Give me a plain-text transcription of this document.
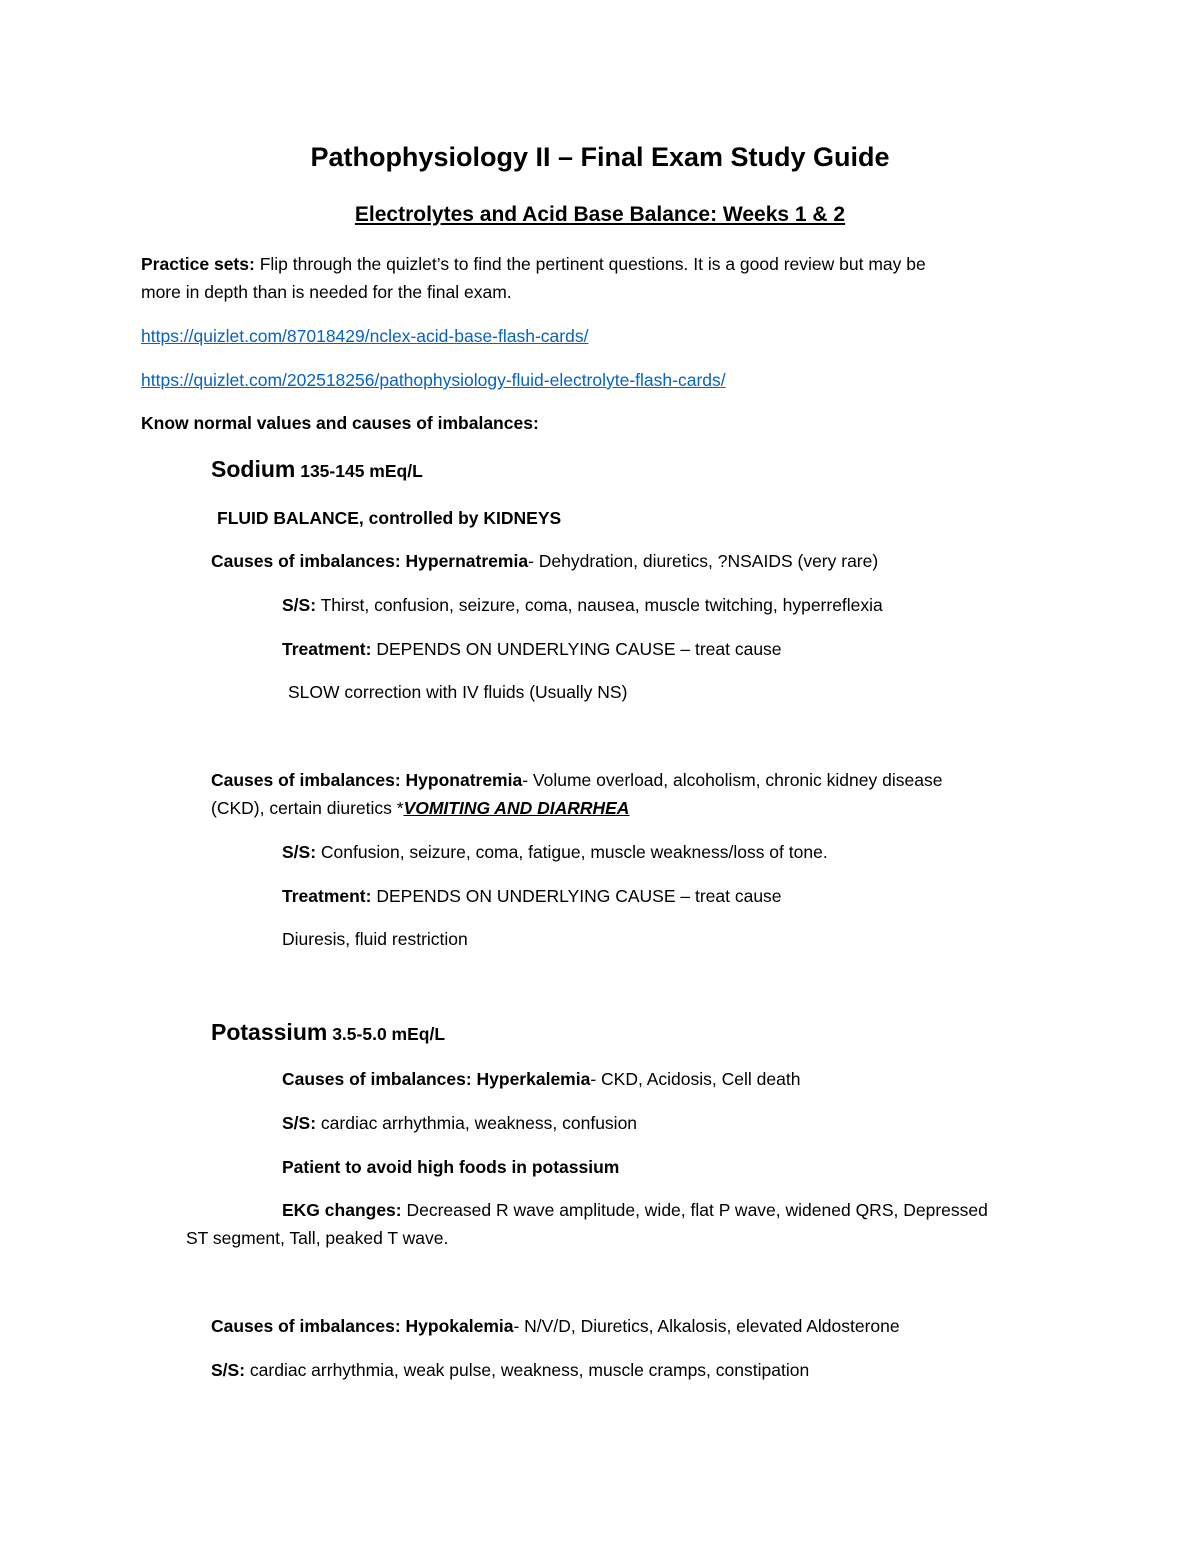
Pathophysiology II – Final Exam Study Guide
Electrolytes and Acid Base Balance: Weeks 1 & 2
Practice sets: Flip through the quizlet’s to find the pertinent questions. It is a good review but may be
more in depth than is needed for the final exam.
https://quizlet.com/87018429/nclex-acid-base-flash-cards/
https://quizlet.com/202518256/pathophysiology-fluid-electrolyte-flash-cards/
Know normal values and causes of imbalances:
Sodium 135-145 mEq/L
FLUID BALANCE, controlled by KIDNEYS
Causes of imbalances: Hypernatremia- Dehydration, diuretics, ?NSAIDS (very rare)
S/S: Thirst, confusion, seizure, coma, nausea, muscle twitching, hyperreflexia
Treatment: DEPENDS ON UNDERLYING CAUSE – treat cause
SLOW correction with IV fluids (Usually NS)
Causes of imbalances: Hyponatremia- Volume overload, alcoholism, chronic kidney disease
(CKD), certain diuretics *VOMITING AND DIARRHEA
S/S: Confusion, seizure, coma, fatigue, muscle weakness/loss of tone.
Treatment: DEPENDS ON UNDERLYING CAUSE – treat cause
Diuresis, fluid restriction
Potassium 3.5-5.0 mEq/L
Causes of imbalances: Hyperkalemia- CKD, Acidosis, Cell death
S/S: cardiac arrhythmia, weakness, confusion
Patient to avoid high foods in potassium
EKG changes: Decreased R wave amplitude, wide, flat P wave, widened QRS, Depressed
ST segment, Tall, peaked T wave.
Causes of imbalances: Hypokalemia- N/V/D, Diuretics, Alkalosis, elevated Aldosterone
S/S: cardiac arrhythmia, weak pulse, weakness, muscle cramps, constipation
